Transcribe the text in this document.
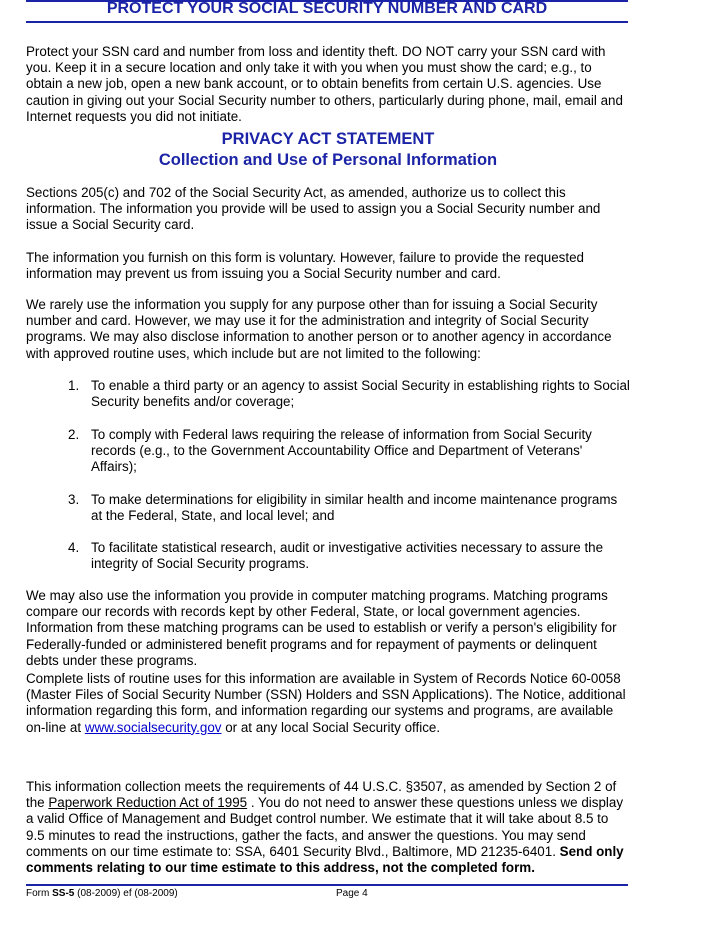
PROTECT YOUR SOCIAL SECURITY NUMBER AND CARD

Protect your SSN card and number from loss and identity theft. DO NOT carry your SSN card with you. Keep it in a secure location and only take it with you when you must show the card; e.g., to obtain a new job, open a new bank account, or to obtain benefits from certain U.S. agencies. Use caution in giving out your Social Security number to others, particularly during phone, mail, email and Internet requests you did not initiate.

PRIVACY ACT STATEMENT
Collection and Use of Personal Information

Sections 205(c) and 702 of the Social Security Act, as amended, authorize us to collect this information. The information you provide will be used to assign you a Social Security number and issue a Social Security card.

The information you furnish on this form is voluntary. However, failure to provide the requested information may prevent us from issuing you a Social Security number and card.

We rarely use the information you supply for any purpose other than for issuing a Social Security number and card. However, we may use it for the administration and integrity of Social Security programs. We may also disclose information to another person or to another agency in accordance with approved routine uses, which include but are not limited to the following:

1. To enable a third party or an agency to assist Social Security in establishing rights to Social Security benefits and/or coverage;
2. To comply with Federal laws requiring the release of information from Social Security records (e.g., to the Government Accountability Office and Department of Veterans' Affairs);
3. To make determinations for eligibility in similar health and income maintenance programs at the Federal, State, and local level; and
4. To facilitate statistical research, audit or investigative activities necessary to assure the integrity of Social Security programs.

We may also use the information you provide in computer matching programs. Matching programs compare our records with records kept by other Federal, State, or local government agencies. Information from these matching programs can be used to establish or verify a person's eligibility for Federally-funded or administered benefit programs and for repayment of payments or delinquent debts under these programs.

Complete lists of routine uses for this information are available in System of Records Notice 60-0058 (Master Files of Social Security Number (SSN) Holders and SSN Applications). The Notice, additional information regarding this form, and information regarding our systems and programs, are available on-line at www.socialsecurity.gov or at any local Social Security office.

This information collection meets the requirements of 44 U.S.C. §3507, as amended by Section 2 of the Paperwork Reduction Act of 1995 . You do not need to answer these questions unless we display a valid Office of Management and Budget control number. We estimate that it will take about 8.5 to 9.5 minutes to read the instructions, gather the facts, and answer the questions. You may send comments on our time estimate to: SSA, 6401 Security Blvd., Baltimore, MD 21235-6401. Send only comments relating to our time estimate to this address, not the completed form.

Form SS-5 (08-2009) ef (08-2009)	Page 4
